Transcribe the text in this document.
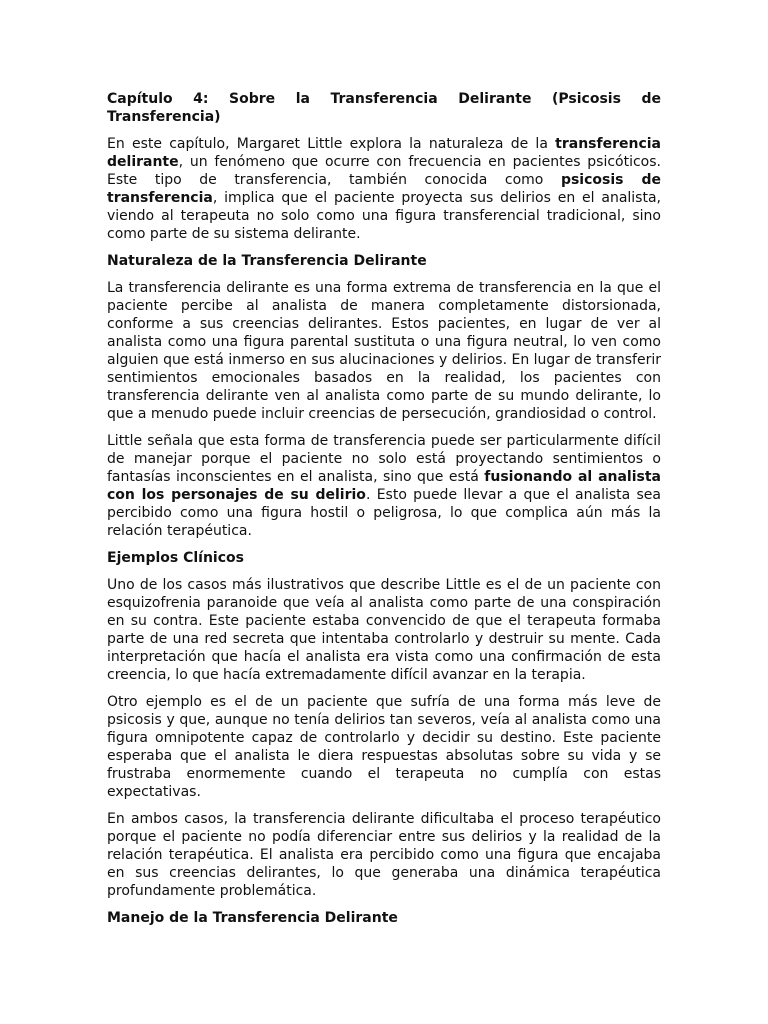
Capítulo 4: Sobre la Transferencia Delirante (Psicosis de Transferencia)

En este capítulo, Margaret Little explora la naturaleza de la transferencia delirante, un fenómeno que ocurre con frecuencia en pacientes psicóticos. Este tipo de transferencia, también conocida como psicosis de transferencia, implica que el paciente proyecta sus delirios en el analista, viendo al terapeuta no solo como una figura transferencial tradicional, sino como parte de su sistema delirante.

Naturaleza de la Transferencia Delirante

La transferencia delirante es una forma extrema de transferencia en la que el paciente percibe al analista de manera completamente distorsionada, conforme a sus creencias delirantes. Estos pacientes, en lugar de ver al analista como una figura parental sustituta o una figura neutral, lo ven como alguien que está inmerso en sus alucinaciones y delirios. En lugar de transferir sentimientos emocionales basados en la realidad, los pacientes con transferencia delirante ven al analista como parte de su mundo delirante, lo que a menudo puede incluir creencias de persecución, grandiosidad o control.

Little señala que esta forma de transferencia puede ser particularmente difícil de manejar porque el paciente no solo está proyectando sentimientos o fantasías inconscientes en el analista, sino que está fusionando al analista con los personajes de su delirio. Esto puede llevar a que el analista sea percibido como una figura hostil o peligrosa, lo que complica aún más la relación terapéutica.

Ejemplos Clínicos

Uno de los casos más ilustrativos que describe Little es el de un paciente con esquizofrenia paranoide que veía al analista como parte de una conspiración en su contra. Este paciente estaba convencido de que el terapeuta formaba parte de una red secreta que intentaba controlarlo y destruir su mente. Cada interpretación que hacía el analista era vista como una confirmación de esta creencia, lo que hacía extremadamente difícil avanzar en la terapia.

Otro ejemplo es el de un paciente que sufría de una forma más leve de psicosis y que, aunque no tenía delirios tan severos, veía al analista como una figura omnipotente capaz de controlarlo y decidir su destino. Este paciente esperaba que el analista le diera respuestas absolutas sobre su vida y se frustraba enormemente cuando el terapeuta no cumplía con estas expectativas.

En ambos casos, la transferencia delirante dificultaba el proceso terapéutico porque el paciente no podía diferenciar entre sus delirios y la realidad de la relación terapéutica. El analista era percibido como una figura que encajaba en sus creencias delirantes, lo que generaba una dinámica terapéutica profundamente problemática.

Manejo de la Transferencia Delirante
